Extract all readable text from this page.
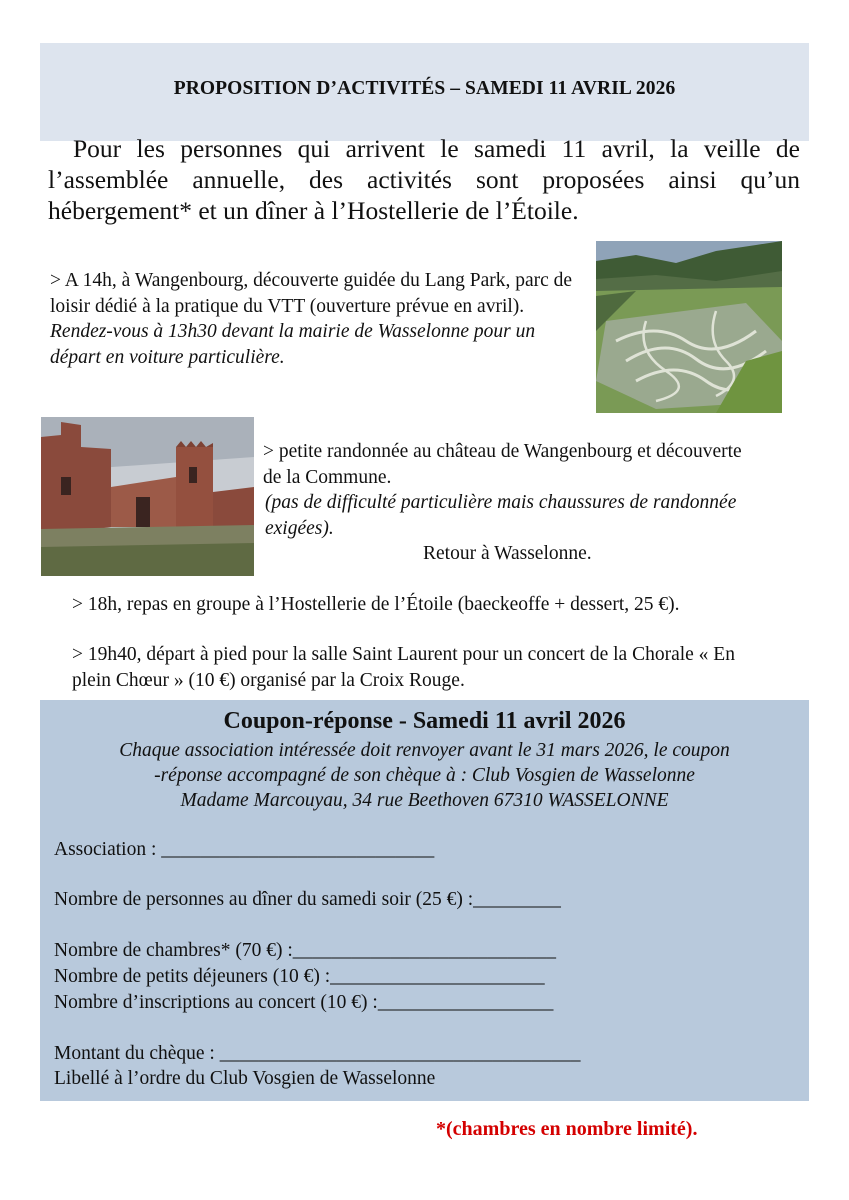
PROPOSITION D’ACTIVITÉS – SAMEDI 11 AVRIL 2026

Pour les personnes qui arrivent le samedi 11 avril, la veille de l’assemblée annuelle, des activités sont proposées ainsi qu’un hébergement* et un dîner à l’Hostellerie de l’Étoile.

> A 14h, à Wangenbourg, découverte guidée du Lang Park, parc de loisir dédié à la pratique du VTT (ouverture prévue en avril).
Rendez-vous à 13h30 devant la mairie de Wasselonne pour un départ en voiture particulière.
> petite randonnée au château de Wangenbourg et découverte de la Commune.
(pas de difficulté particulière mais chaussures de randonnée exigées).
Retour à Wasselonne.
> 18h, repas en groupe à l’Hostellerie de l’Étoile (baeckeoffe + dessert, 25 €).
> 19h40, départ à pied pour la salle Saint Laurent pour un concert de la Chorale « En plein Chœur » (10 €) organisé par la Croix Rouge.
Coupon-réponse - Samedi 11 avril 2026
Chaque association intéressée doit renvoyer avant le 31 mars 2026, le coupon
-réponse accompagné de son chèque à : Club Vosgien de Wasselonne
Madame Marcouyau, 34 rue Beethoven 67310 WASSELONNE
Association : ____________________________
Nombre de personnes au dîner du samedi soir (25 €) :_________
Nombre de chambres* (70 €) :___________________________
Nombre de petits déjeuners (10 €) :______________________
Nombre d’inscriptions au concert (10 €) :__________________
Montant du chèque : _____________________________________
Libellé à l’ordre du Club Vosgien de Wasselonne
*(chambres en nombre limité).
